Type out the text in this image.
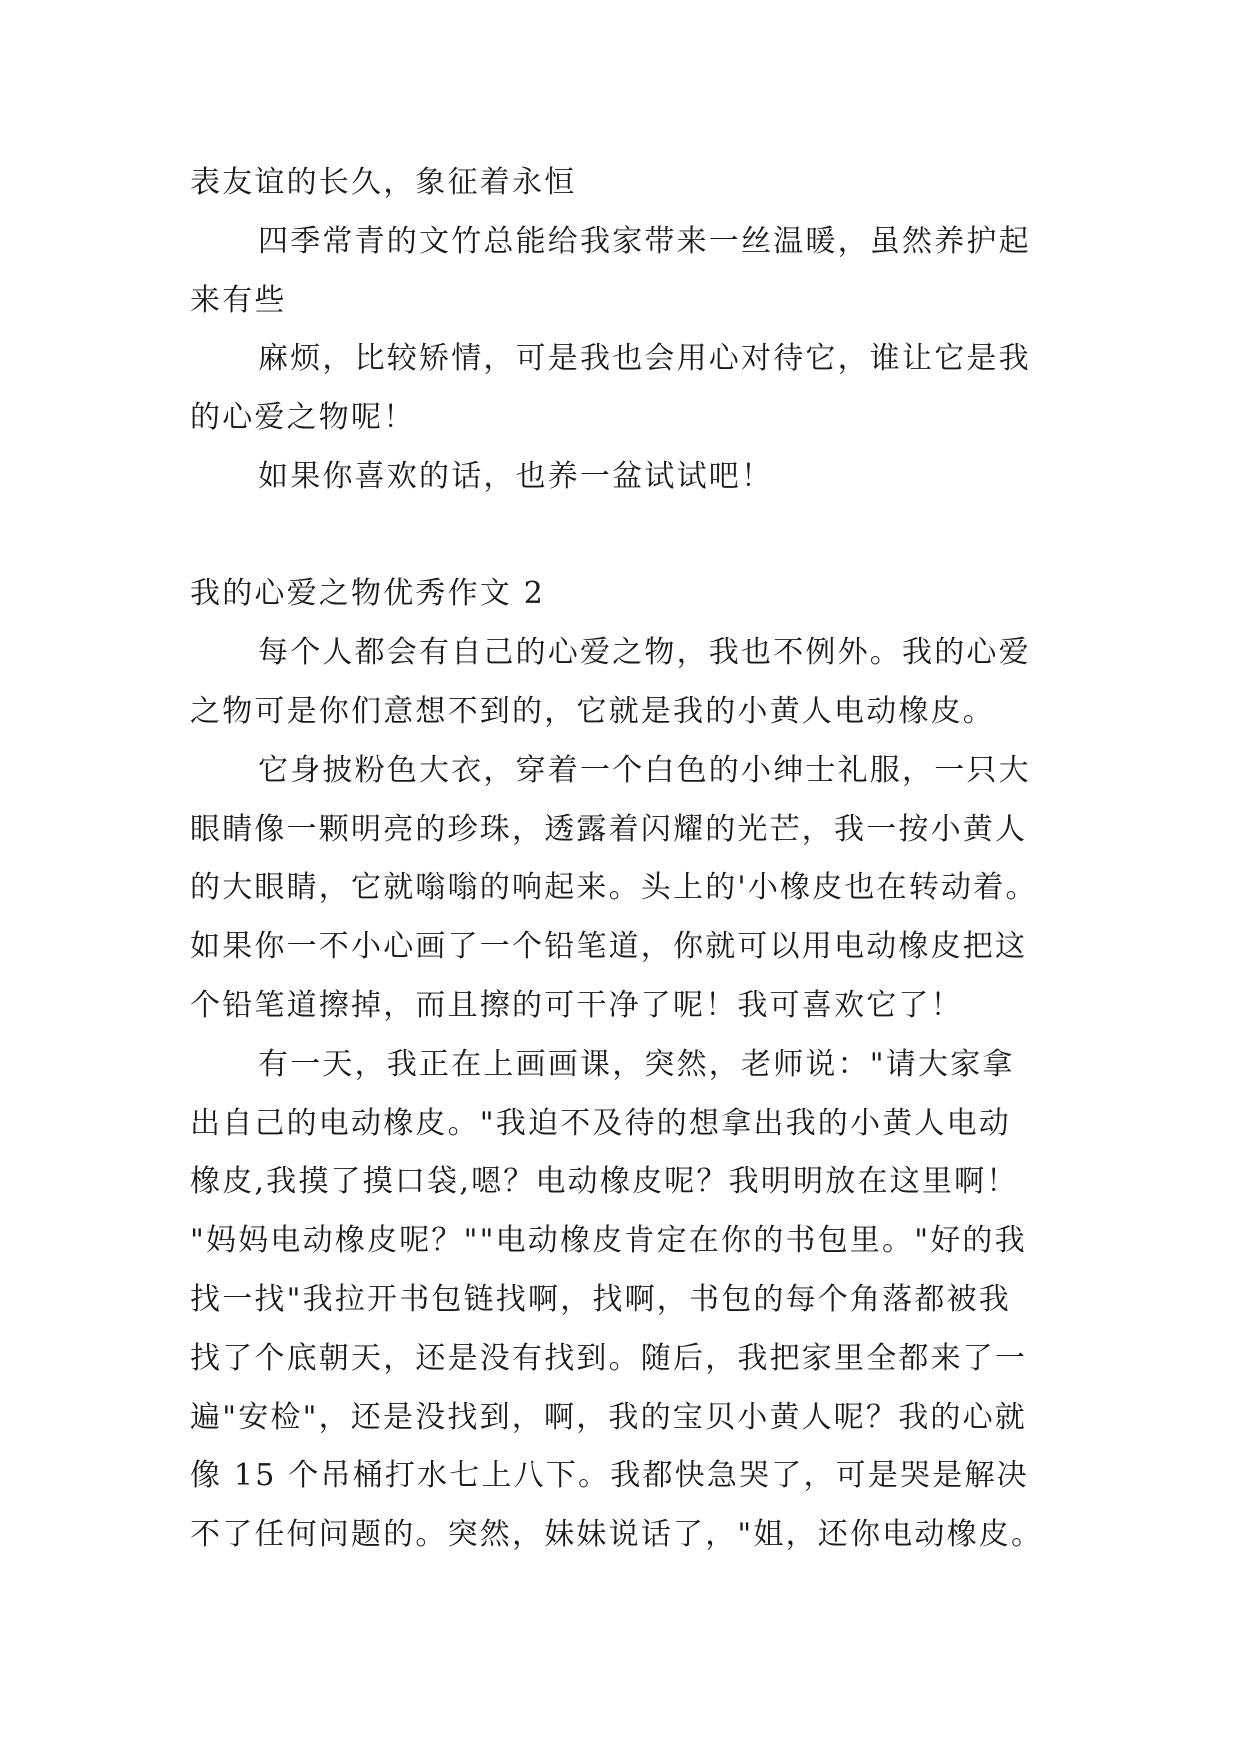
表友谊的长久，象征着永恒
四季常青的文竹总能给我家带来一丝温暖，虽然养护起
来有些
麻烦，比较矫情，可是我也会用心对待它，谁让它是我
的心爱之物呢！
如果你喜欢的话，也养一盆试试吧！
我的心爱之物优秀作文 2
每个人都会有自己的心爱之物，我也不例外。我的心爱
之物可是你们意想不到的，它就是我的小黄人电动橡皮。
它身披粉色大衣，穿着一个白色的小绅士礼服，一只大
眼睛像一颗明亮的珍珠，透露着闪耀的光芒，我一按小黄人
的大眼睛，它就嗡嗡的响起来。头上的'小橡皮也在转动着。
如果你一不小心画了一个铅笔道，你就可以用电动橡皮把这
个铅笔道擦掉，而且擦的可干净了呢！我可喜欢它了！
有一天，我正在上画画课，突然，老师说："请大家拿
出自己的电动橡皮。"我迫不及待的想拿出我的小黄人电动
橡皮,我摸了摸口袋,嗯？电动橡皮呢？我明明放在这里啊！
"妈妈电动橡皮呢？""电动橡皮肯定在你的书包里。"好的我
找一找"我拉开书包链找啊，找啊，书包的每个角落都被我
找了个底朝天，还是没有找到。随后，我把家里全都来了一
遍"安检"，还是没找到，啊，我的宝贝小黄人呢？我的心就
像 15 个吊桶打水七上八下。我都快急哭了，可是哭是解决
不了任何问题的。突然，妹妹说话了，"姐，还你电动橡皮。
